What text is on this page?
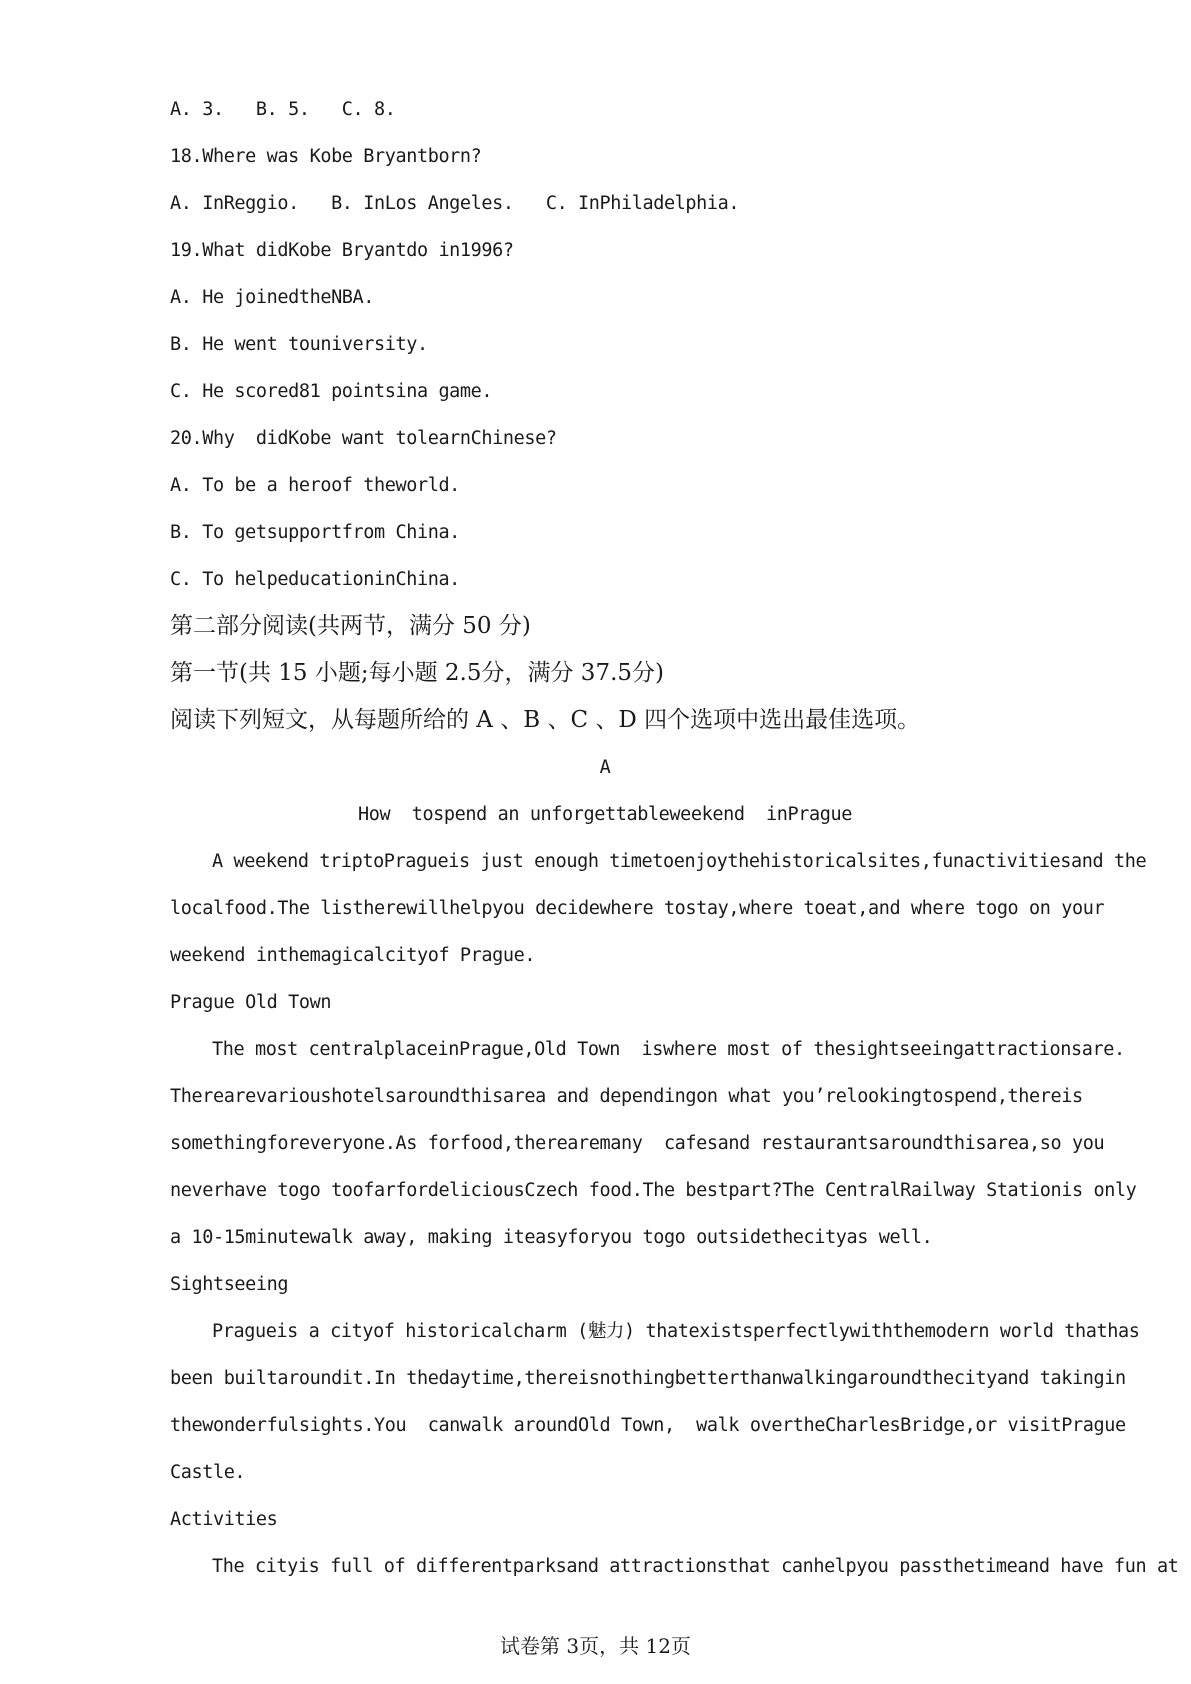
A. 3.   B. 5.   C. 8.
18.Where was Kobe Bryantborn?
A. InReggio.   B. InLos Angeles.   C. InPhiladelphia.
19.What didKobe Bryantdo in1996?
A. He joinedtheNBA.
B. He went touniversity.
C. He scored81 pointsina game.
20.Why  didKobe want tolearnChinese?
A. To be a heroof theworld.
B. To getsupportfrom China.
C. To helpeducationinChina.
第二部分阅读(共两节，满分 50 分)
第一节(共 15 小题;每小题 2.5分，满分 37.5分)
阅读下列短文，从每题所给的 A 、B 、C 、D 四个选项中选出最佳选项。
A
How  tospend an unforgettableweekend  inPrague
A weekend triptoPragueis just enough timetoenjoythehistoricalsites,funactivitiesand the
localfood.The listherewillhelpyou decidewhere tostay,where toeat,and where togo on your
weekend inthemagicalcityof Prague.
Prague Old Town
The most centralplaceinPrague,Old Town  iswhere most of thesightseeingattractionsare.
Therearevarioushotelsaroundthisarea and dependingon what you’relookingtospend,thereis
somethingforeveryone.As forfood,therearemany  cafesand restaurantsaroundthisarea,so you
neverhave togo toofarfordeliciousCzech food.The bestpart?The CentralRailway Stationis only
a 10-15minutewalk away, making iteasyforyou togo outsidethecityas well.
Sightseeing
Pragueis a cityof historicalcharm (魅力) thatexistsperfectlywiththemodern world thathas
been builtaroundit.In thedaytime,thereisnothingbetterthanwalkingaroundthecityand takingin
thewonderfulsights.You  canwalk aroundOld Town,  walk overtheCharlesBridge,or visitPrague
Castle.
Activities
The cityis full of differentparksand attractionsthat canhelpyou passthetimeand have fun at
试卷第 3页，共 12页
